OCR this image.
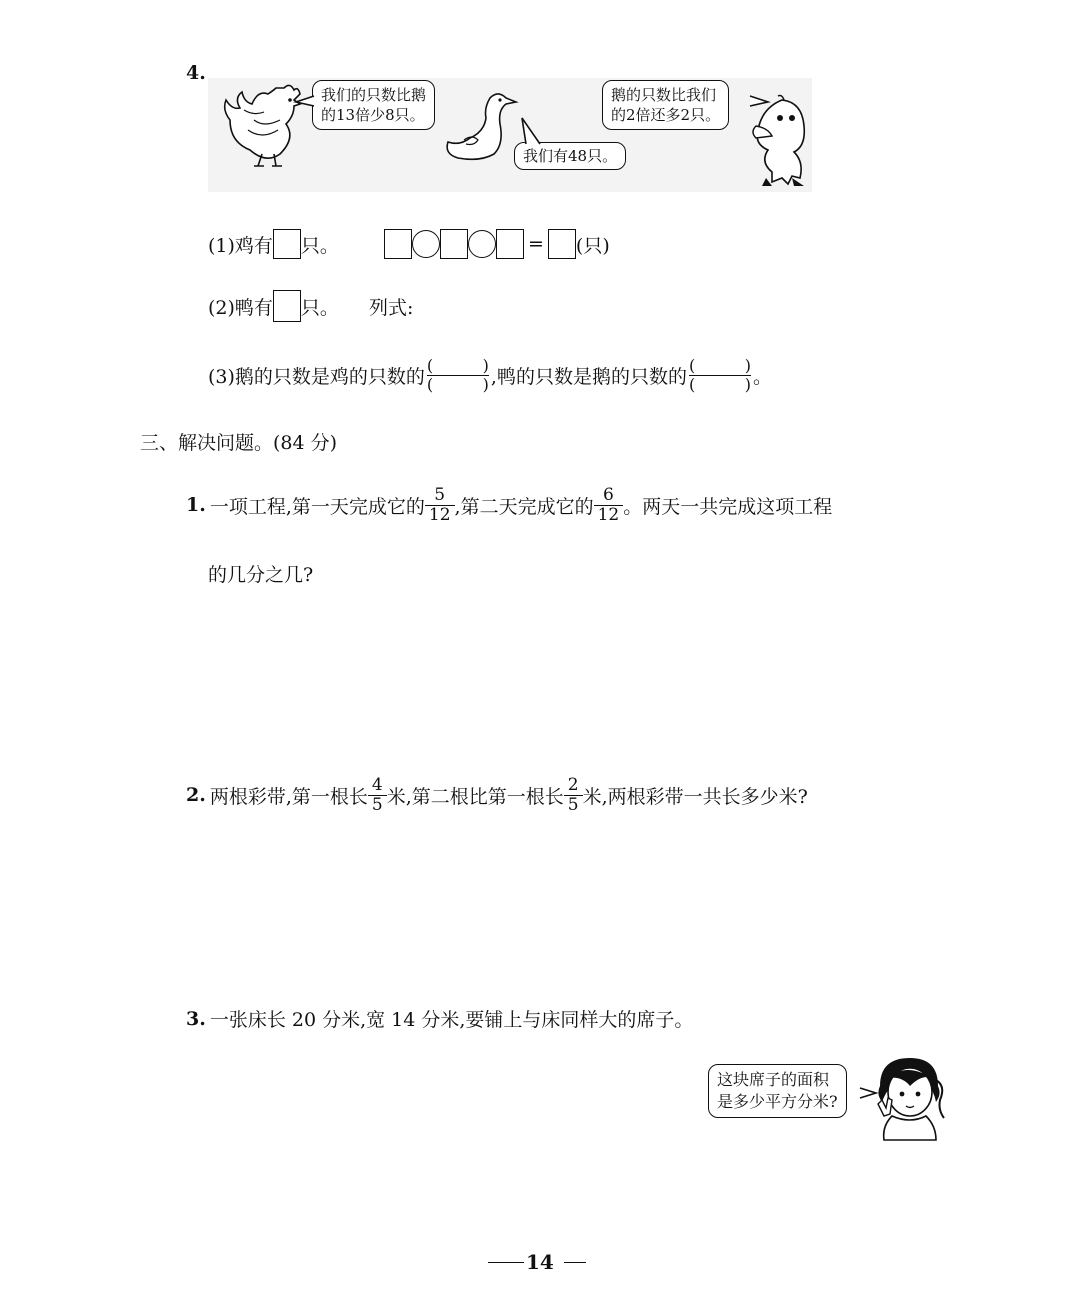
4.
我们的只数比鹅
的13倍少8只。
我们有48只。
鹅的只数比我们
的2倍还多2只。
(1)鸡有 只。	= (只)
(2)鸭有 只。 列式:
(3)鹅的只数是鸡的只数的 (	)
(	) ,鸭的只数是鹅的只数的 (	)
(	) 。
三、解决问题。(84 分)
1. 一项工程,第一天完成它的 $\frac{5}{12}$ ,第二天完成它的 $\frac{6}{12}$ 。两天一共完成这项工程
的几分之几?
2. 两根彩带,第一根长 $\frac{4}{5}$ 米,第二根比第一根长 $\frac{2}{5}$ 米,两根彩带一共长多少米?
3. 一张床长 20 分米,宽 14 分米,要铺上与床同样大的席子。
这块席子的面积
是多少平方分米?
14
